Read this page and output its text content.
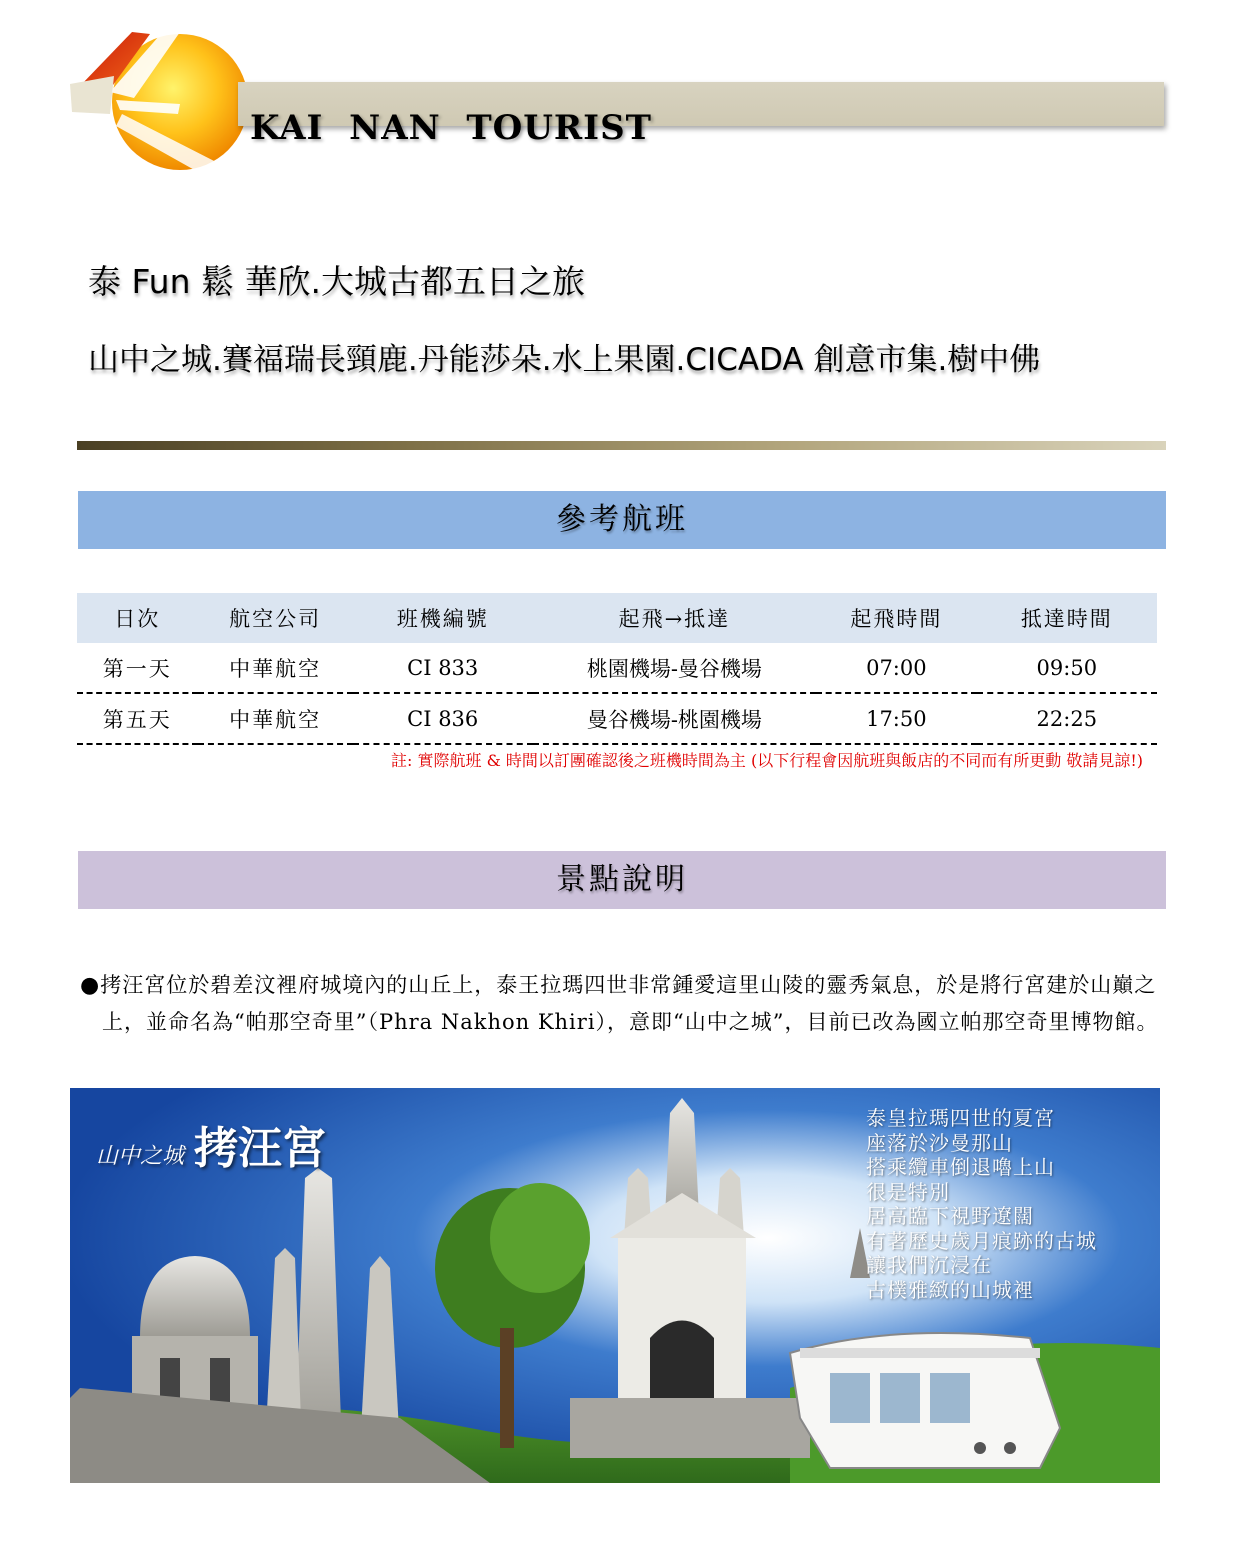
KAI  NAN  TOURIST
泰 Fun 鬆 華欣.大城古都五日之旅
山中之城.賽福瑞長頸鹿.丹能莎朵.水上果園.CICADA 創意市集.樹中佛
參考航班
日次	航空公司	班機編號	起飛→抵達	起飛時間	抵達時間
第一天	中華航空	CI 833	桃園機場-曼谷機場	07:00	09:50
第五天	中華航空	CI 836	曼谷機場-桃園機場	17:50	22:25
註: 實際航班 & 時間以訂團確認後之班機時間為主 (以下行程會因航班與飯店的不同而有所更動 敬請見諒!)
景點說明

●拷汪宮位於碧差汶裡府城境內的山丘上，泰王拉瑪四世非常鍾愛這里山陵的靈秀氣息，於是將行宮建於山巔之上，並命名為“帕那空奇里”（Phra Nakhon Khiri），意即“山中之城”，目前已改為國立帕那空奇里博物館。

山中之城 拷汪宮
泰皇拉瑪四世的夏宮
座落於沙曼那山
搭乘纜車倒退嚕上山
很是特別
居高臨下視野遼闊
有著歷史歲月痕跡的古城
讓我們沉浸在
古樸雅緻的山城裡
